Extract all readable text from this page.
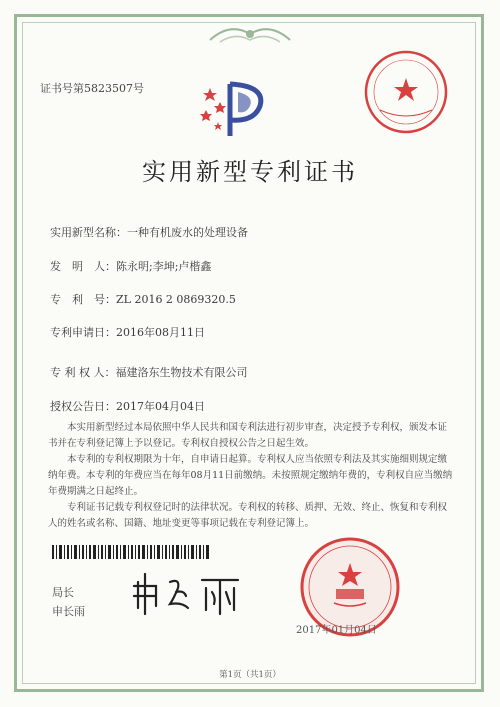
证书号第5823507号
实用新型专利证书
实用新型名称：一种有机废水的处理设备
发　明　人：陈永明;李坤;卢楷鑫
专　利　号：ZL 2016 2 0869320.5
专利申请日：2016年08月11日
专 利 权 人：福建洛东生物技术有限公司
授权公告日：2017年04月04日

本实用新型经过本局依照中华人民共和国专利法进行初步审查，决定授予专利权，颁发本证书并在专利登记簿上予以登记。专利权自授权公告之日起生效。

本专利的专利权期限为十年，自申请日起算。专利权人应当依照专利法及其实施细则规定缴纳年费。本专利的年费应当在每年08月11日前缴纳。未按照规定缴纳年费的，专利权自应当缴纳年费期满之日起终止。

专利证书记载专利权登记时的法律状况。专利权的转移、质押、无效、终止、恢复和专利权人的姓名或名称、国籍、地址变更等事项记载在专利登记簿上。

局长
申长雨
2017年01月04日
第1页（共1页）
